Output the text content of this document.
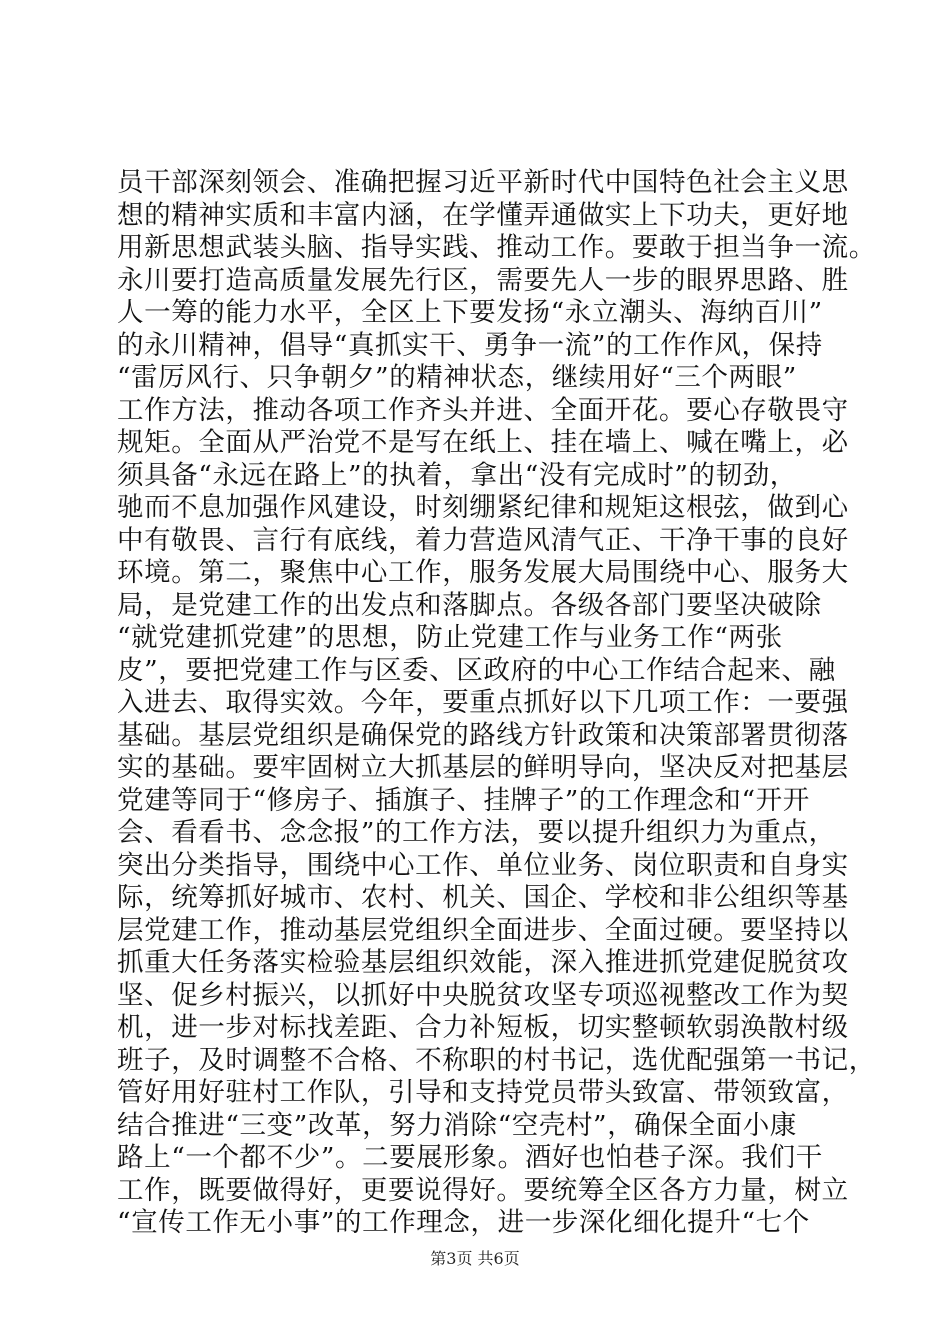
员干部深刻领会、准确把握习近平新时代中国特色社会主义思
想的精神实质和丰富内涵，在学懂弄通做实上下功夫，更好地
用新思想武装头脑、指导实践、推动工作。要敢于担当争一流。
永川要打造高质量发展先行区，需要先人一步的眼界思路、胜
人一筹的能力水平，全区上下要发扬“永立潮头、海纳百川”
的永川精神，倡导“真抓实干、勇争一流”的工作作风，保持
“雷厉风行、只争朝夕”的精神状态，继续用好“三个两眼”
工作方法，推动各项工作齐头并进、全面开花。要心存敬畏守
规矩。全面从严治党不是写在纸上、挂在墙上、喊在嘴上，必
须具备“永远在路上”的执着，拿出“没有完成时”的韧劲，
驰而不息加强作风建设，时刻绷紧纪律和规矩这根弦，做到心
中有敬畏、言行有底线，着力营造风清气正、干净干事的良好
环境。第二，聚焦中心工作，服务发展大局围绕中心、服务大
局，是党建工作的出发点和落脚点。各级各部门要坚决破除
“就党建抓党建”的思想，防止党建工作与业务工作“两张
皮”，要把党建工作与区委、区政府的中心工作结合起来、融
入进去、取得实效。今年，要重点抓好以下几项工作：一要强
基础。基层党组织是确保党的路线方针政策和决策部署贯彻落
实的基础。要牢固树立大抓基层的鲜明导向，坚决反对把基层
党建等同于“修房子、插旗子、挂牌子”的工作理念和“开开
会、看看书、念念报”的工作方法，要以提升组织力为重点，
突出分类指导，围绕中心工作、单位业务、岗位职责和自身实
际，统筹抓好城市、农村、机关、国企、学校和非公组织等基
层党建工作，推动基层党组织全面进步、全面过硬。要坚持以
抓重大任务落实检验基层组织效能，深入推进抓党建促脱贫攻
坚、促乡村振兴，以抓好中央脱贫攻坚专项巡视整改工作为契
机，进一步对标找差距、合力补短板，切实整顿软弱涣散村级
班子，及时调整不合格、不称职的村书记，选优配强第一书记，
管好用好驻村工作队，引导和支持党员带头致富、带领致富，
结合推进“三变”改革，努力消除“空壳村”，确保全面小康
路上“一个都不少”。二要展形象。酒好也怕巷子深。我们干
工作，既要做得好，更要说得好。要统筹全区各方力量，树立
“宣传工作无小事”的工作理念，进一步深化细化提升“七个
第3页 共6页
